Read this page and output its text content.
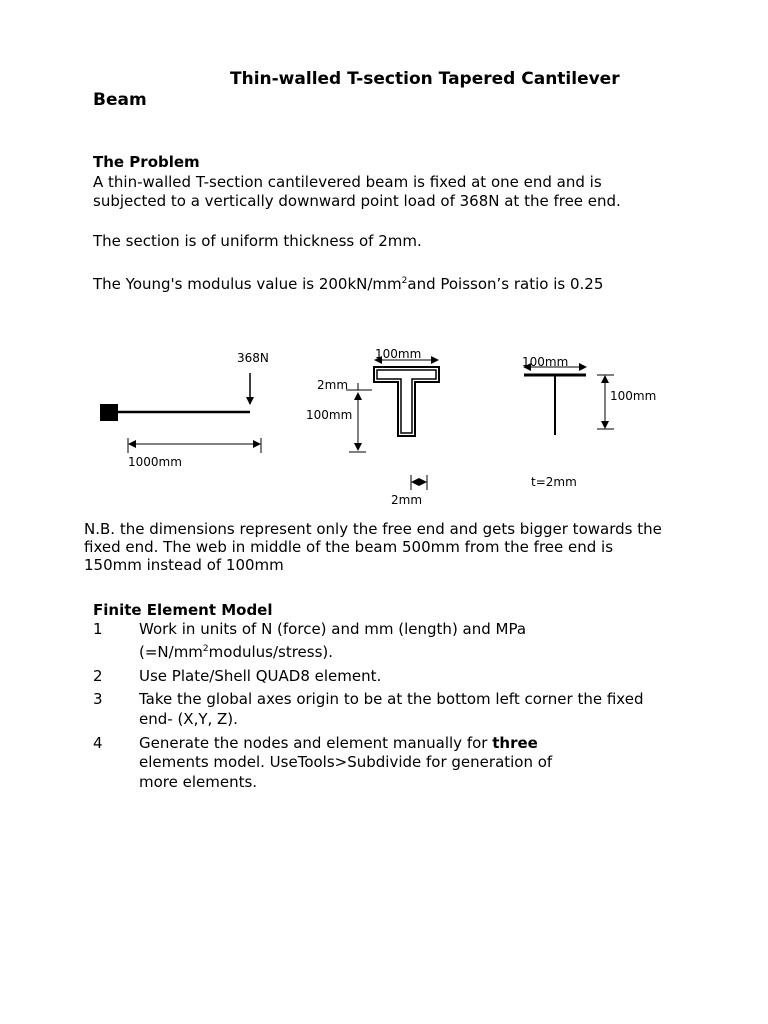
Thin-walled T-section Tapered Cantilever
Beam
The Problem
A thin-walled T-section cantilevered beam is fixed at one end and is
subjected to a vertically downward point load of 368N at the free end.
The section is of uniform thickness of 2mm.
The Young's modulus value is $200kN/mm^2and$ Poisson’s ratio is 0.25
368N
1000mm
100mm
2mm
100mm
2mm
100mm
100mm
t=2mm
N.B. the dimensions represent only the free end and gets bigger towards the
fixed end. The web in middle of the beam 500mm from the free end is
150mm instead of 100mm
Finite Element Model
1 Work in units of N (force) and mm (length) and MPa
$(=N/mm^2modulus/stress)$.
2 Use Plate/Shell QUAD8 element.
3 Take the global axes origin to be at the bottom left corner the fixed
end- (X,Y, Z).
4 Generate the nodes and element manually for three
elements model. UseTools>Subdivide for generation of
more elements.
